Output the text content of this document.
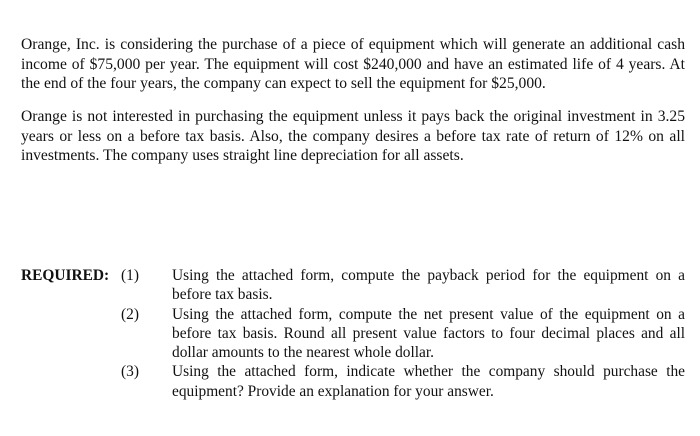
Orange, Inc. is considering the purchase of a piece of equipment which will generate an additional cash income of $75,000 per year. The equipment will cost $240,000 and have an estimated life of 4 years. At the end of the four years, the company can expect to sell the equipment for $25,000.

Orange is not interested in purchasing the equipment unless it pays back the original investment in 3.25 years or less on a before tax basis. Also, the company desires a before tax rate of return of 12% on all investments. The company uses straight line depreciation for all assets.

REQUIRED: (1) Using the attached form, compute the payback period for the equipment on a before tax basis.
(2) Using the attached form, compute the net present value of the equipment on a before tax basis. Round all present value factors to four decimal places and all dollar amounts to the nearest whole dollar.
(3) Using the attached form, indicate whether the company should purchase the equipment? Provide an explanation for your answer.
